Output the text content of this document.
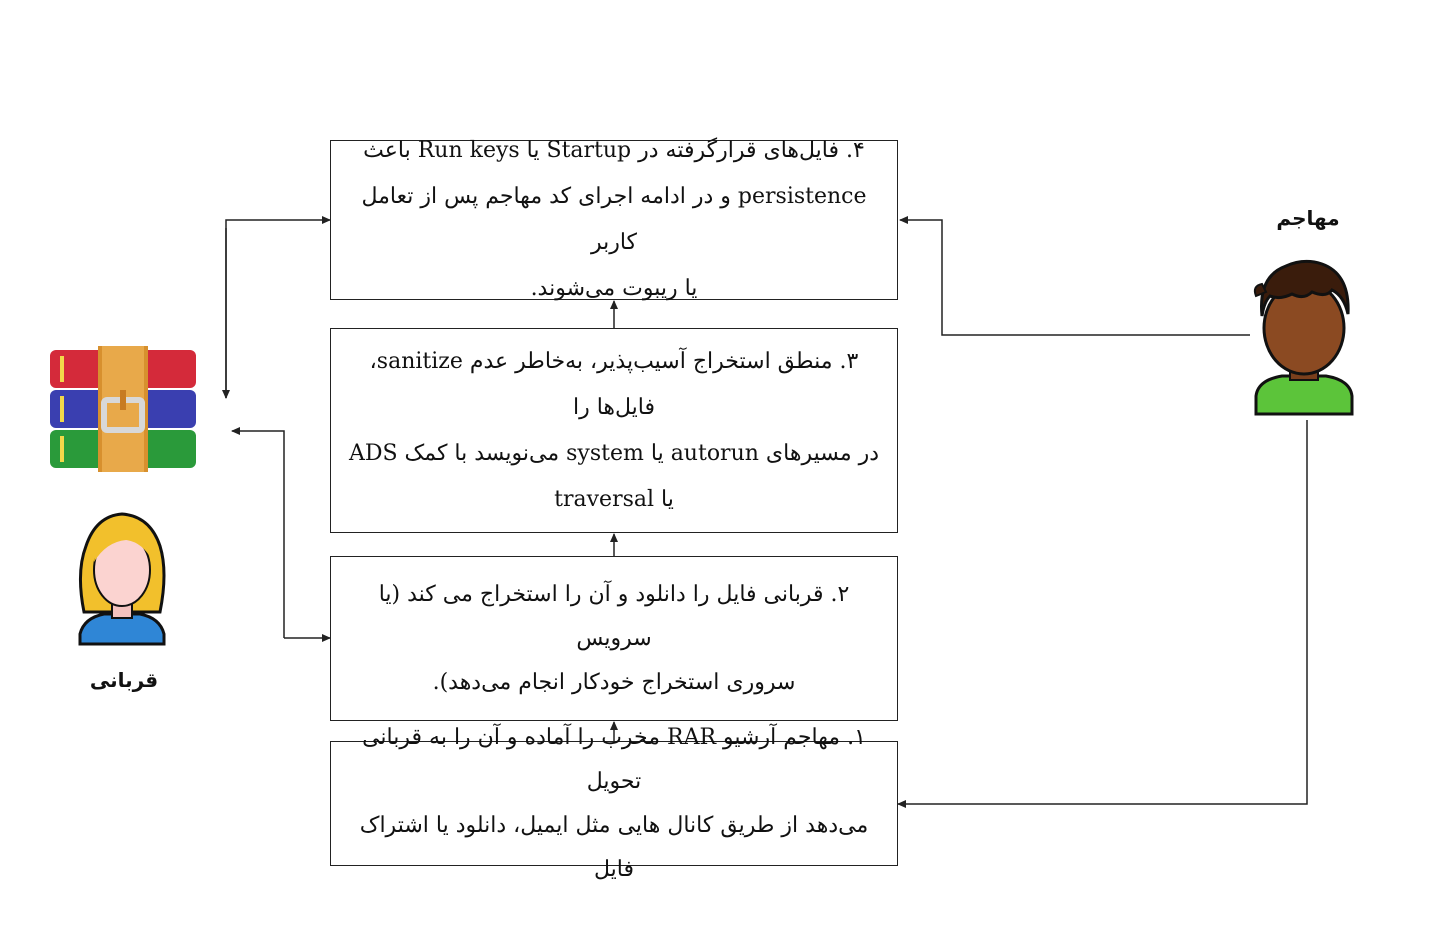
۴. فایل‌های قرارگرفته در Startup یا Run keys باعث
persistence و در ادامه اجرای کد مهاجم پس از تعامل کاربر
یا ریبوت می‌شوند.

۳. منطق استخراج آسیب‌پذیر، به‌خاطر عدم sanitize، فایل‌ها را
در مسیرهای autorun یا system می‌نویسد با کمک ADS
یا traversal

۲. قربانی فایل را دانلود و آن را استخراج می کند (یا سرویس
سروری استخراج خودکار انجام می‌دهد).

۱. مهاجم آرشیو RAR مخرب را آماده و آن را به قربانی تحویل
می‌دهد از طریق کانال هایی مثل ایمیل، دانلود یا اشتراک فایل

مهاجم
قربانی
